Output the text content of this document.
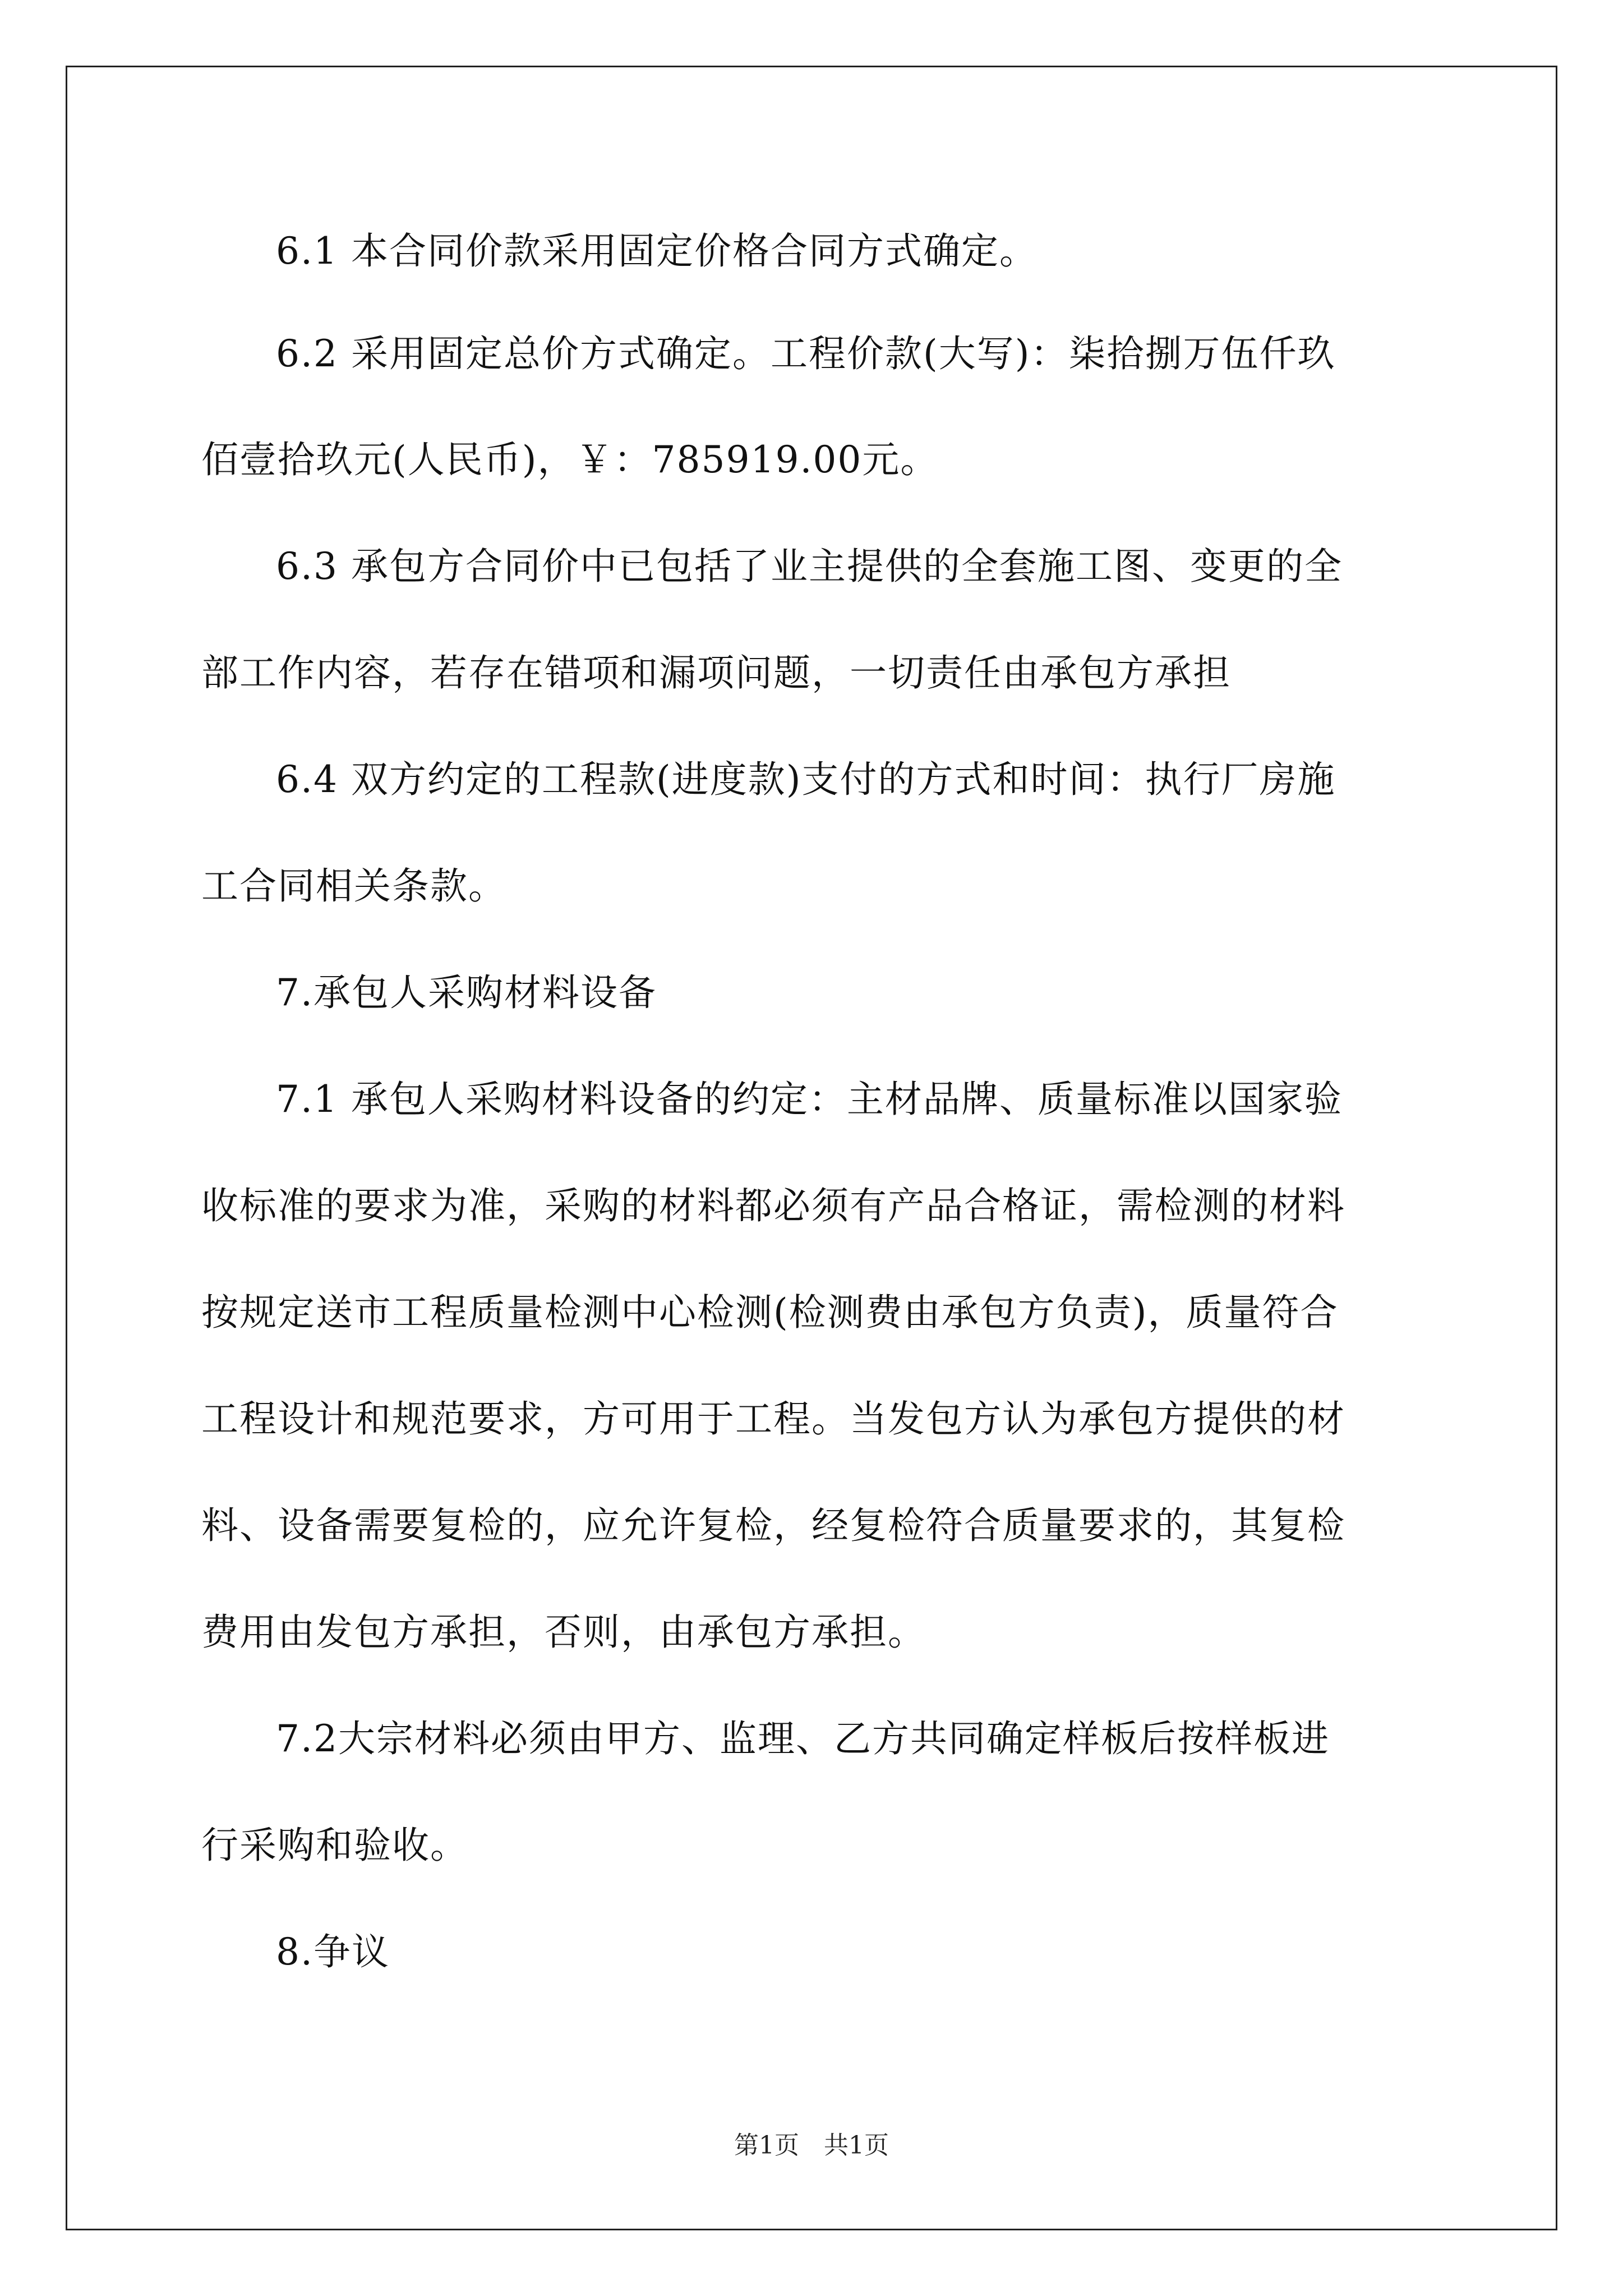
6.1 本合同价款采用固定价格合同方式确定。
6.2 采用固定总价方式确定。工程价款(大写)：柒拾捌万伍仟玖
佰壹拾玖元(人民币)，￥：785919.00元。
6.3 承包方合同价中已包括了业主提供的全套施工图、变更的全
部工作内容，若存在错项和漏项问题，一切责任由承包方承担
6.4 双方约定的工程款(进度款)支付的方式和时间：执行厂房施
工合同相关条款。
7.承包人采购材料设备
7.1 承包人采购材料设备的约定：主材品牌、质量标准以国家验
收标准的要求为准，采购的材料都必须有产品合格证，需检测的材料
按规定送市工程质量检测中心检测(检测费由承包方负责)，质量符合
工程设计和规范要求，方可用于工程。当发包方认为承包方提供的材
料、设备需要复检的，应允许复检，经复检符合质量要求的，其复检
费用由发包方承担，否则，由承包方承担。
7.2大宗材料必须由甲方、监理、乙方共同确定样板后按样板进
行采购和验收。
8.争议
第1页　共1页
